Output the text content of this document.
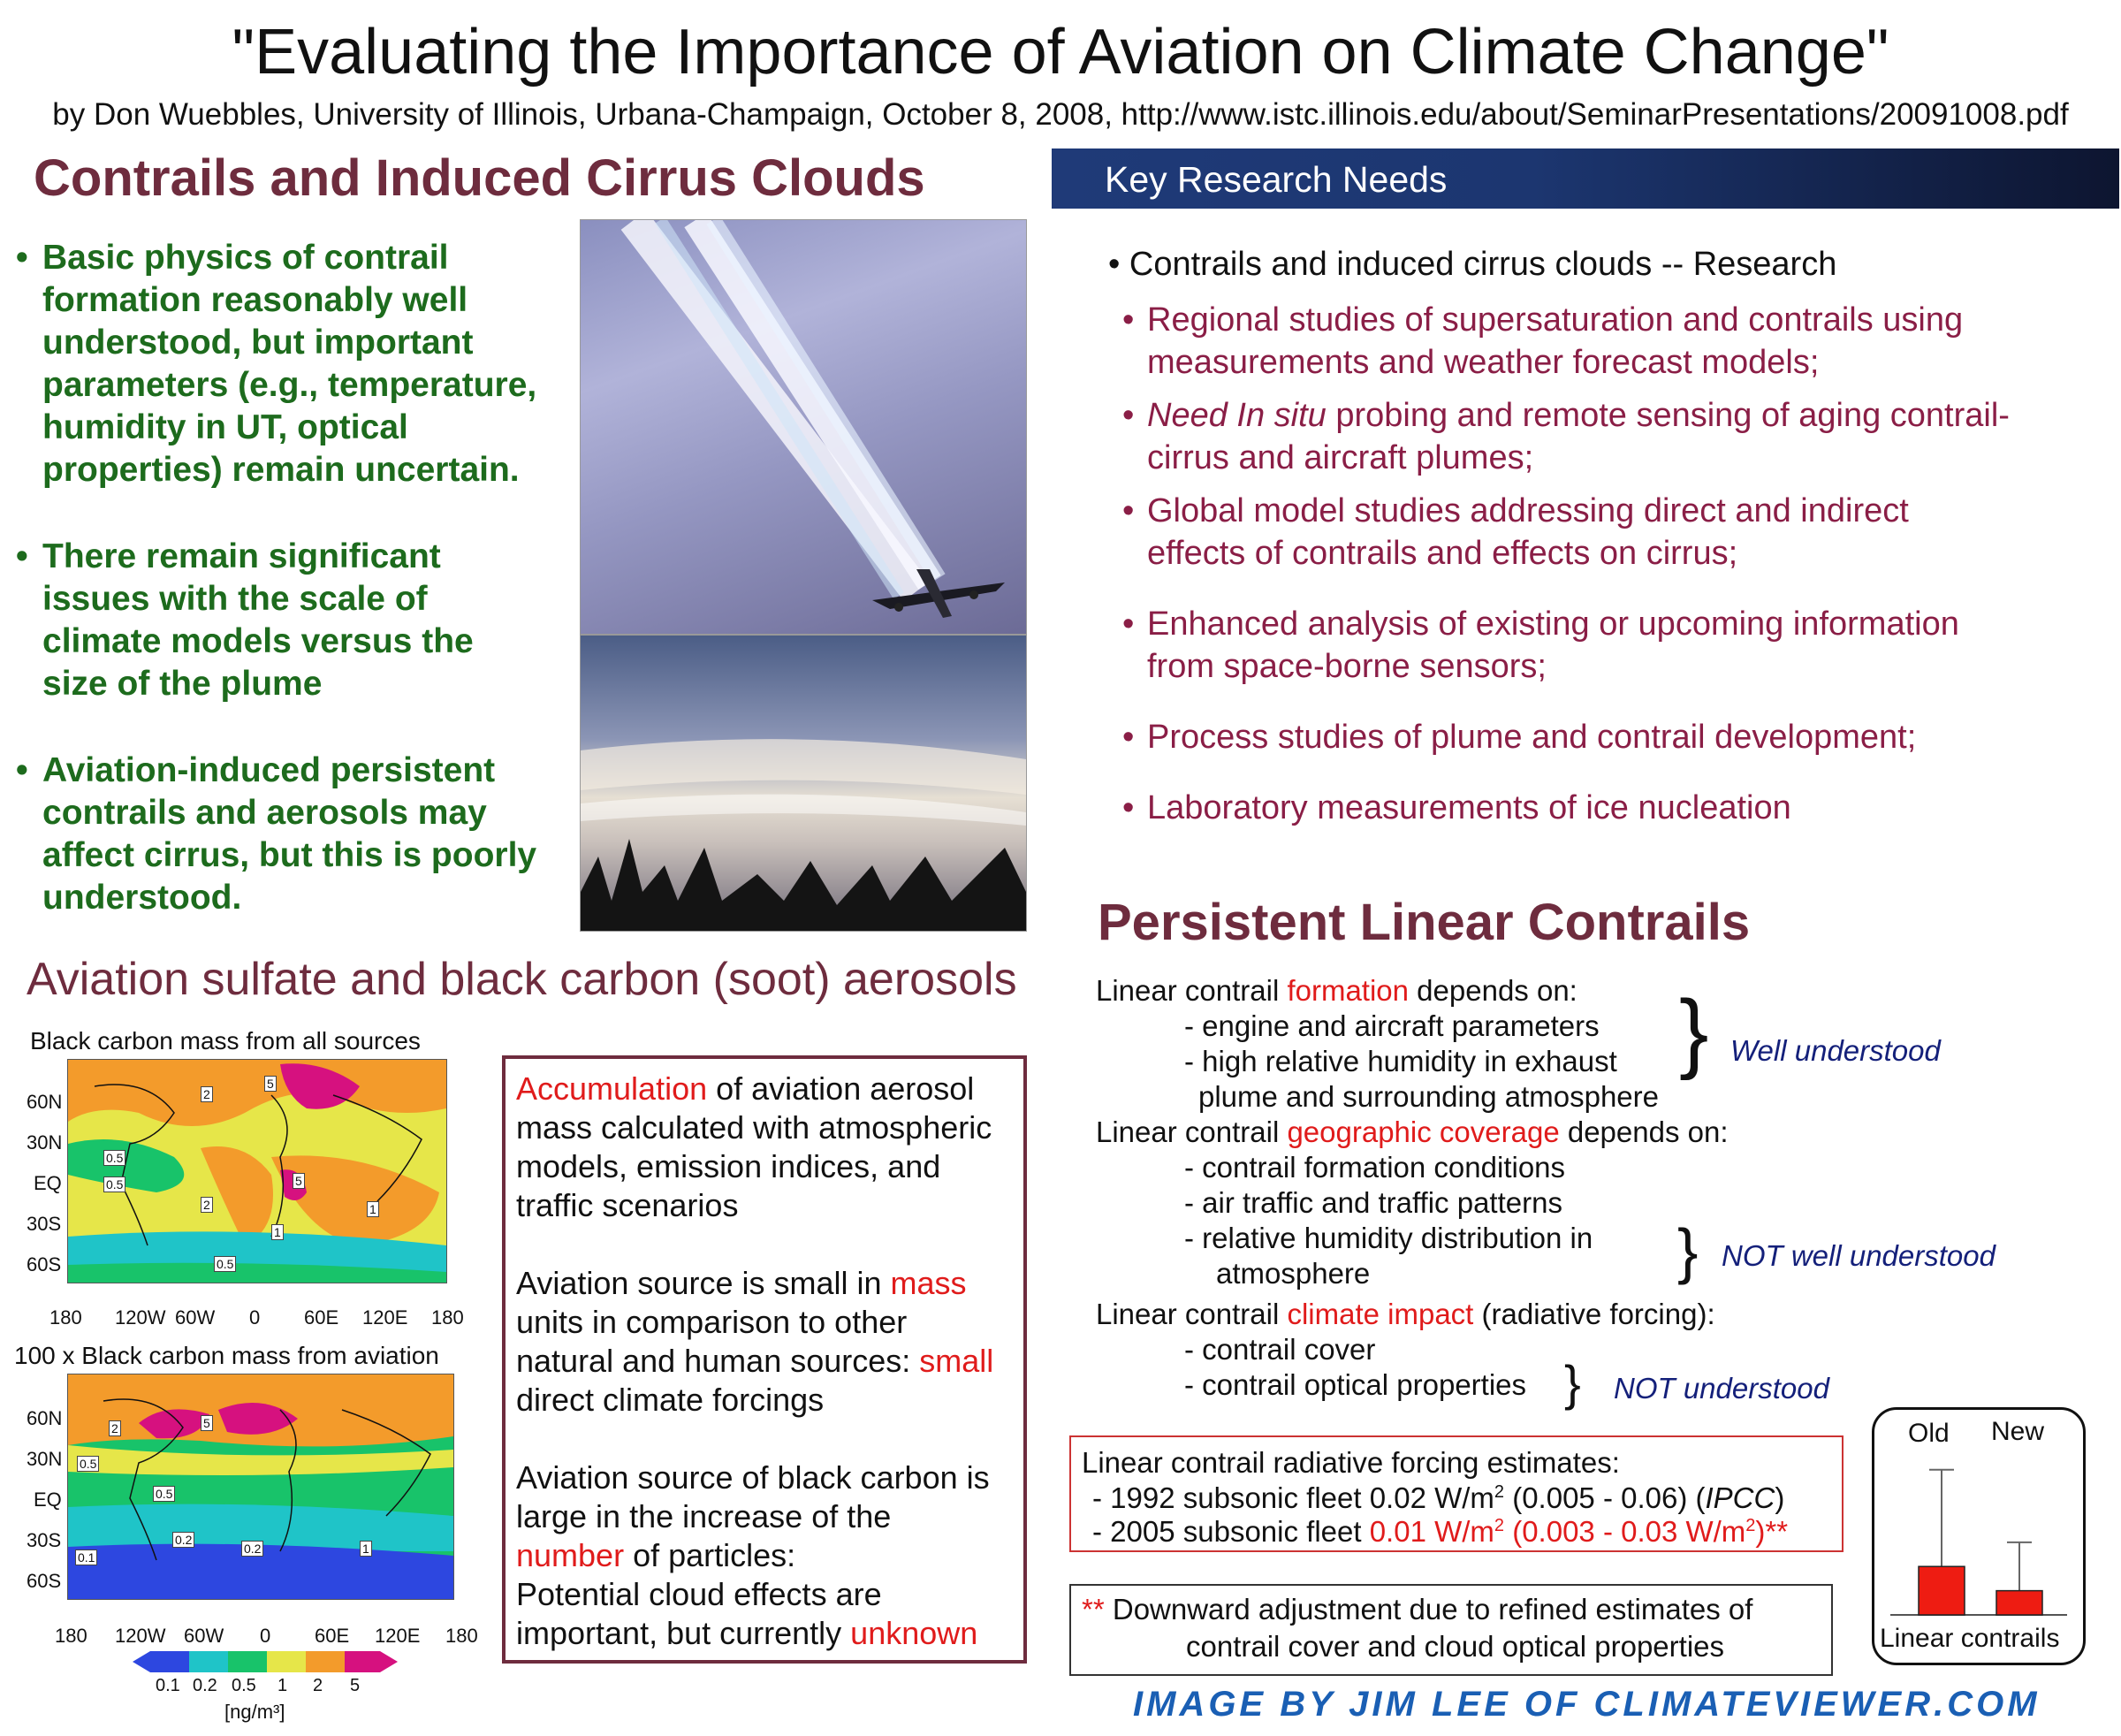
"Evaluating the Importance of Aviation on Climate Change"
by Don Wuebbles, University of Illinois, Urbana-Champaign, October 8, 2008, http://www.istc.illinois.edu/about/SeminarPresentations/20091008.pdf
Contrails and Induced Cirrus Clouds
• Basic physics of contrail formation reasonably well understood, but important parameters (e.g., temperature, humidity in UT, optical properties) remain uncertain.
• There remain significant issues with the scale of climate models versus the size of the plume
• Aviation-induced persistent contrails and aerosols may affect cirrus, but this is poorly understood.
Key Research Needs
• Contrails and induced cirrus clouds -- Research
• Regional studies of supersaturation and contrails using
measurements and weather forecast models;
• Need In situ probing and remote sensing of aging contrail-
cirrus and aircraft plumes;
• Global model studies addressing direct and indirect
effects of contrails and effects on cirrus;
• Enhanced analysis of existing or upcoming information
from space-borne sensors;
• Process studies of plume and contrail development;
• Laboratory measurements of ice nucleation
Persistent Linear Contrails
Linear contrail formation depends on:
- engine and aircraft parameters
- high relative humidity in exhaust
plume and surrounding atmosphere
} Well understood
Linear contrail geographic coverage depends on:
- contrail formation conditions
- air traffic and traffic patterns
- relative humidity distribution in
atmosphere	} NOT well understood
Linear contrail climate impact (radiative forcing):
- contrail cover
- contrail optical properties } NOT understood
Linear contrail radiative forcing estimates:
- 1992 subsonic fleet 0.02 $W/m^2$ (0.005 - 0.06) (IPCC)
- 2005 subsonic fleet 0.01 $W/m^2$ (0.003 - 0.03 $W/m^2)**$
** Downward adjustment due to refined estimates of
contrail cover and cloud optical properties
Old New
Linear contrails
Aviation sulfate and black carbon (soot) aerosols
Black carbon mass from all sources
2
5
0.5
1
0.5
2
1
0.5
5
60N
30N
EQ
30S
60S
180 120W 60W 0 60E 120E 180
100 x Black carbon mass from aviation
2	5
0.5
0.1
0.2
1
0.5
0.2
60N
30N
EQ
30S
60S
180 120W 60W 0 60E 120E 180
0.1 0.2 0.5 1 2 5
[ng/m³]
Accumulation of aviation aerosol
mass calculated with atmospheric
models, emission indices, and
traffic scenarios
Aviation source is small in mass
units in comparison to other
natural and human sources: small
direct climate forcings
Aviation source of black carbon is
large in the increase of the
number of particles:
Potential cloud effects are
important, but currently unknown
IMAGE BY JIM LEE OF CLIMATEVIEWER.COM
